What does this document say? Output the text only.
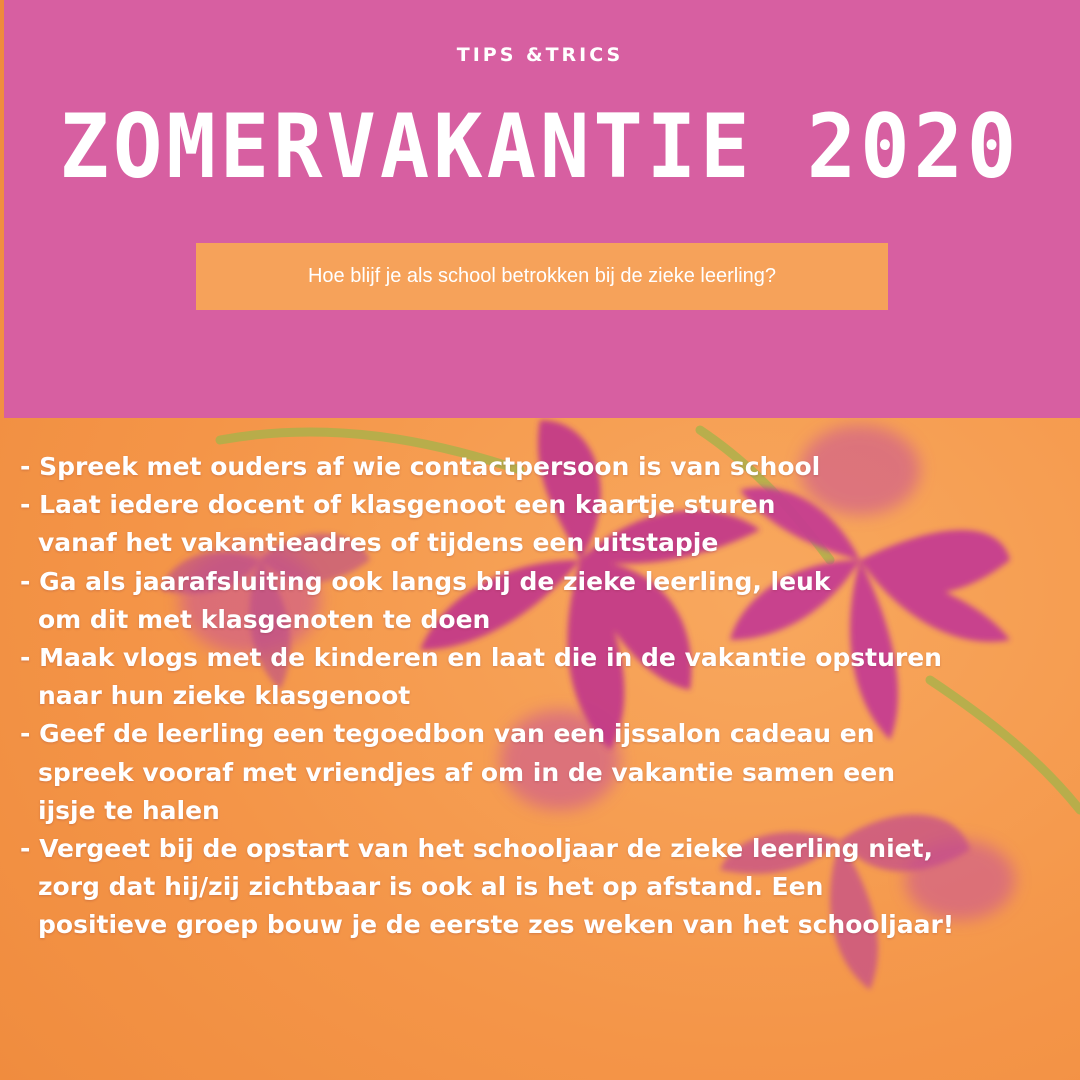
TIPS &TRICS
ZOMERVAKANTIE 2020
Hoe blijf je als school betrokken bij de zieke leerling?
- Spreek met ouders af wie contactpersoon is van school
- Laat iedere docent of klasgenoot een kaartje sturen
vanaf het vakantieadres of tijdens een uitstapje
- Ga als jaarafsluiting ook langs bij de zieke leerling, leuk
om dit met klasgenoten te doen
- Maak vlogs met de kinderen en laat die in de vakantie opsturen
naar hun zieke klasgenoot
- Geef de leerling een tegoedbon van een ijssalon cadeau en
spreek vooraf met vriendjes af om in de vakantie samen een
ijsje te halen
- Vergeet bij de opstart van het schooljaar de zieke leerling niet,
zorg dat hij/zij zichtbaar is ook al is het op afstand. Een
positieve groep bouw je de eerste zes weken van het schooljaar!
